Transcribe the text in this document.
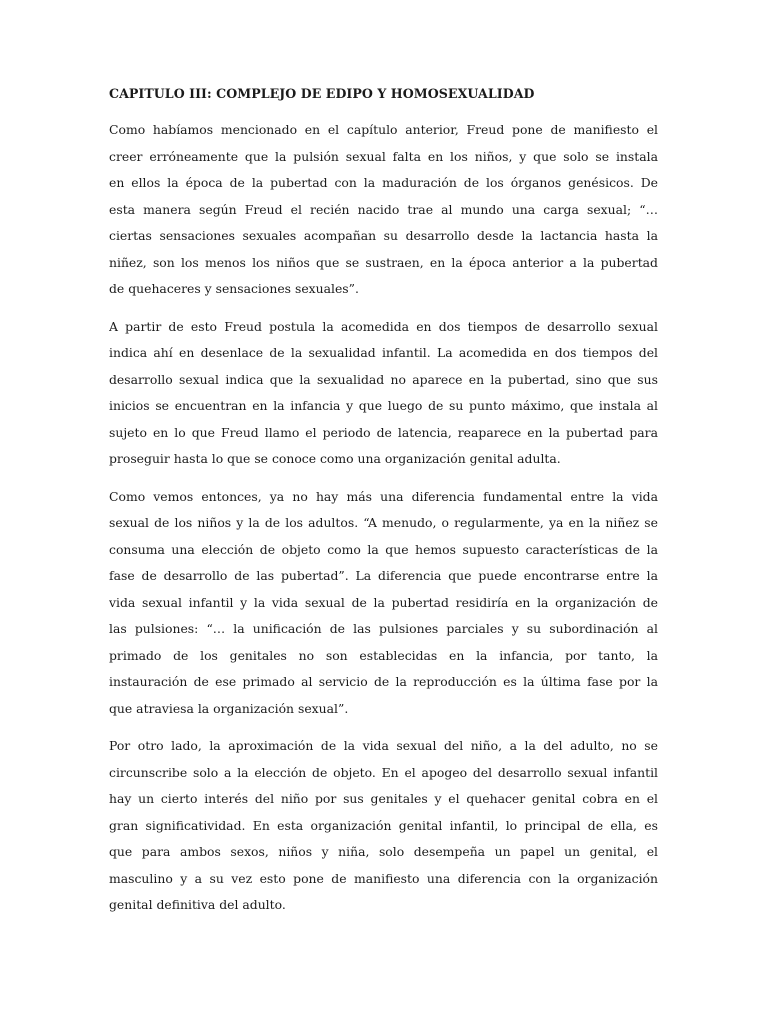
CAPITULO III: COMPLEJO DE EDIPO Y HOMOSEXUALIDAD
Como habíamos mencionado en el capítulo anterior, Freud pone de manifiesto el
creer erróneamente que la pulsión sexual falta en los niños, y que solo se instala
en ellos la época de la pubertad con la maduración de los órganos genésicos. De
esta manera según Freud el recién nacido trae al mundo una carga sexual; “…
ciertas sensaciones sexuales acompañan su desarrollo desde la lactancia hasta la
niñez, son los menos los niños que se sustraen, en la época anterior a la pubertad
de quehaceres y sensaciones sexuales”.
A partir de esto Freud postula la acomedida en dos tiempos de desarrollo sexual
indica ahí en desenlace de la sexualidad infantil. La acomedida en dos tiempos del
desarrollo sexual indica que la sexualidad no aparece en la pubertad, sino que sus
inicios se encuentran en la infancia y que luego de su punto máximo, que instala al
sujeto en lo que Freud llamo el periodo de latencia, reaparece en la pubertad para
proseguir hasta lo que se conoce como una organización genital adulta.
Como vemos entonces, ya no hay más una diferencia fundamental entre la vida
sexual de los niños y la de los adultos. “A menudo, o regularmente, ya en la niñez se
consuma una elección de objeto como la que hemos supuesto características de la
fase de desarrollo de las pubertad”. La diferencia que puede encontrarse entre la
vida sexual infantil y la vida sexual de la pubertad residiría en la organización de
las pulsiones: “… la unificación de las pulsiones parciales y su subordinación al
primado de los genitales no son establecidas en la infancia, por tanto, la
instauración de ese primado al servicio de la reproducción es la última fase por la
que atraviesa la organización sexual”.
Por otro lado, la aproximación de la vida sexual del niño, a la del adulto, no se
circunscribe solo a la elección de objeto. En el apogeo del desarrollo sexual infantil
hay un cierto interés del niño por sus genitales y el quehacer genital cobra en el
gran significatividad. En esta organización genital infantil, lo principal de ella, es
que para ambos sexos, niños y niña, solo desempeña un papel un genital, el
masculino y a su vez esto pone de manifiesto una diferencia con la organización
genital definitiva del adulto.
